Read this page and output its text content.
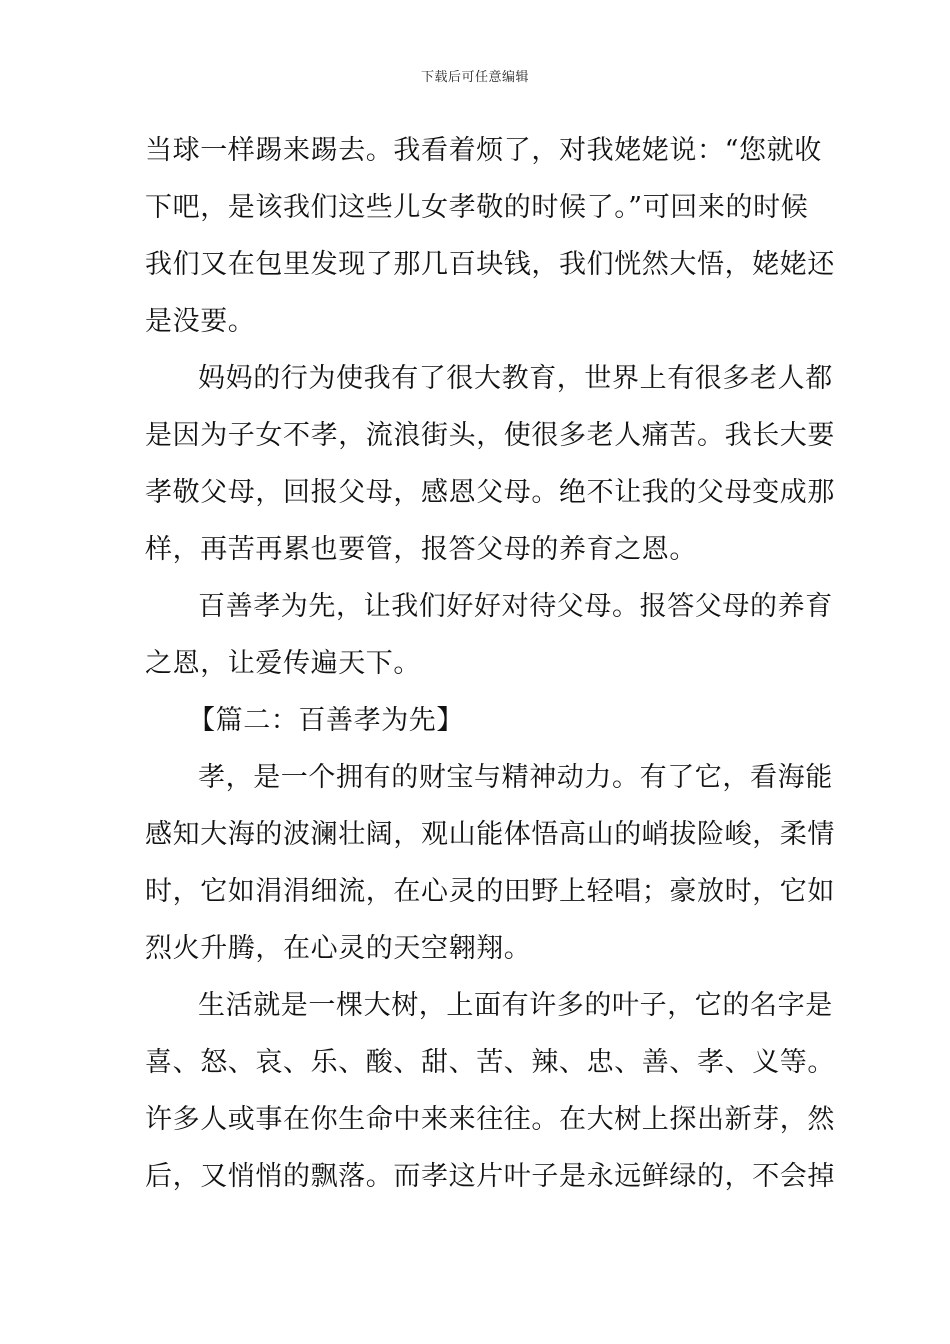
下载后可任意编辑
当球一样踢来踢去。我看着烦了，对我姥姥说：“您就收
下吧，是该我们这些儿女孝敬的时候了。”可回来的时候
我们又在包里发现了那几百块钱，我们恍然大悟，姥姥还
是没要。
妈妈的行为使我有了很大教育，世界上有很多老人都
是因为子女不孝，流浪街头，使很多老人痛苦。我长大要
孝敬父母，回报父母，感恩父母。绝不让我的父母变成那
样，再苦再累也要管，报答父母的养育之恩。
百善孝为先，让我们好好对待父母。报答父母的养育
之恩，让爱传遍天下。
【篇二：百善孝为先】
孝，是一个拥有的财宝与精神动力。有了它，看海能
感知大海的波澜壮阔，观山能体悟高山的峭拔险峻，柔情
时，它如涓涓细流，在心灵的田野上轻唱；豪放时，它如
烈火升腾，在心灵的天空翱翔。
生活就是一棵大树，上面有许多的叶子，它的名字是
喜、怒、哀、乐、酸、甜、苦、辣、忠、善、孝、义等。
许多人或事在你生命中来来往往。在大树上探出新芽，然
后，又悄悄的飘落。而孝这片叶子是永远鲜绿的，不会掉
